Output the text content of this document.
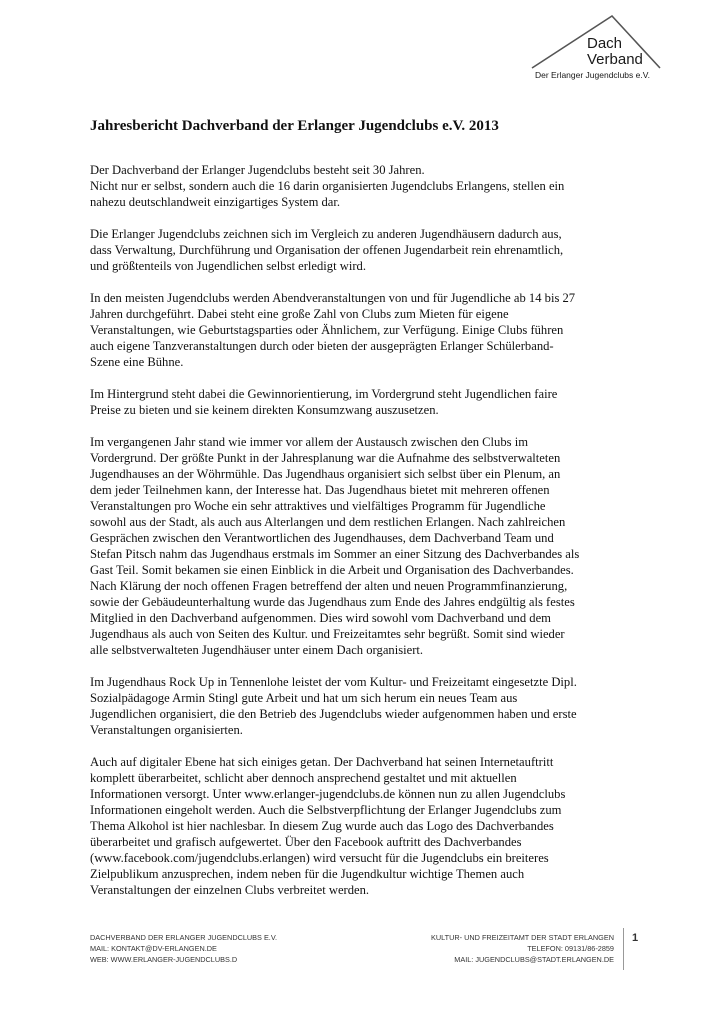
Dach
Verband
Der Erlanger Jugendclubs e.V.
Jahresbericht Dachverband der Erlanger Jugendclubs e.V. 2013

Der Dachverband der Erlanger Jugendclubs besteht seit 30 Jahren.
Nicht nur er selbst, sondern auch die 16 darin organisierten Jugendclubs Erlangens, stellen ein
nahezu deutschlandweit einzigartiges System dar.

Die Erlanger Jugendclubs zeichnen sich im Vergleich zu anderen Jugendhäusern dadurch aus,
dass Verwaltung, Durchführung und Organisation der offenen Jugendarbeit rein ehrenamtlich,
und größtenteils von Jugendlichen selbst erledigt wird.

In den meisten Jugendclubs werden Abendveranstaltungen von und für Jugendliche ab 14 bis 27
Jahren durchgeführt. Dabei steht eine große Zahl von Clubs zum Mieten für eigene
Veranstaltungen, wie Geburtstagsparties oder Ähnlichem, zur Verfügung. Einige Clubs führen
auch eigene Tanzveranstaltungen durch oder bieten der ausgeprägten Erlanger Schülerband-
Szene eine Bühne.

Im Hintergrund steht dabei die Gewinnorientierung, im Vordergrund steht Jugendlichen faire
Preise zu bieten und sie keinem direkten Konsumzwang auszusetzen.

Im vergangenen Jahr stand wie immer vor allem der Austausch zwischen den Clubs im
Vordergrund. Der größte Punkt in der Jahresplanung war die Aufnahme des selbstverwalteten
Jugendhauses an der Wöhrmühle. Das Jugendhaus organisiert sich selbst über ein Plenum, an
dem jeder Teilnehmen kann, der Interesse hat. Das Jugendhaus bietet mit mehreren offenen
Veranstaltungen pro Woche ein sehr attraktives und vielfältiges Programm für Jugendliche
sowohl aus der Stadt, als auch aus Alterlangen und dem restlichen Erlangen. Nach zahlreichen
Gesprächen zwischen den Verantwortlichen des Jugendhauses, dem Dachverband Team und
Stefan Pitsch nahm das Jugendhaus erstmals im Sommer an einer Sitzung des Dachverbandes als
Gast Teil. Somit bekamen sie einen Einblick in die Arbeit und Organisation des Dachverbandes.
Nach Klärung der noch offenen Fragen betreffend der alten und neuen Programmfinanzierung,
sowie der Gebäudeunterhaltung wurde das Jugendhaus zum Ende des Jahres endgültig als festes
Mitglied in den Dachverband aufgenommen. Dies wird sowohl vom Dachverband und dem
Jugendhaus als auch von Seiten des Kultur. und Freizeitamtes sehr begrüßt. Somit sind wieder
alle selbstverwalteten Jugendhäuser unter einem Dach organisiert.

Im Jugendhaus Rock Up in Tennenlohe leistet der vom Kultur- und Freizeitamt eingesetzte Dipl.
Sozialpädagoge Armin Stingl gute Arbeit und hat um sich herum ein neues Team aus
Jugendlichen organisiert, die den Betrieb des Jugendclubs wieder aufgenommen haben und erste
Veranstaltungen organisierten.

Auch auf digitaler Ebene hat sich einiges getan. Der Dachverband hat seinen Internetauftritt
komplett überarbeitet, schlicht aber dennoch ansprechend gestaltet und mit aktuellen
Informationen versorgt. Unter www.erlanger-jugendclubs.de können nun zu allen Jugendclubs
Informationen eingeholt werden. Auch die Selbstverpflichtung der Erlanger Jugendclubs zum
Thema Alkohol ist hier nachlesbar. In diesem Zug wurde auch das Logo des Dachverbandes
überarbeitet und grafisch aufgewertet. Über den Facebook auftritt des Dachverbandes
(www.facebook.com/jugendclubs.erlangen) wird versucht für die Jugendclubs ein breiteres
Zielpublikum anzusprechen, indem neben für die Jugendkultur wichtige Themen auch
Veranstaltungen der einzelnen Clubs verbreitet werden.

DACHVERBAND DER ERLANGER JUGENDCLUBS E.V.
MAIL: KONTAKT@DV-ERLANGEN.DE
WEB: WWW.ERLANGER-JUGENDCLUBS.D
KULTUR- UND FREIZEITAMT DER STADT ERLANGEN
TELEFON: 09131/86-2859
MAIL: JUGENDCLUBS@STADT.ERLANGEN.DE
1
